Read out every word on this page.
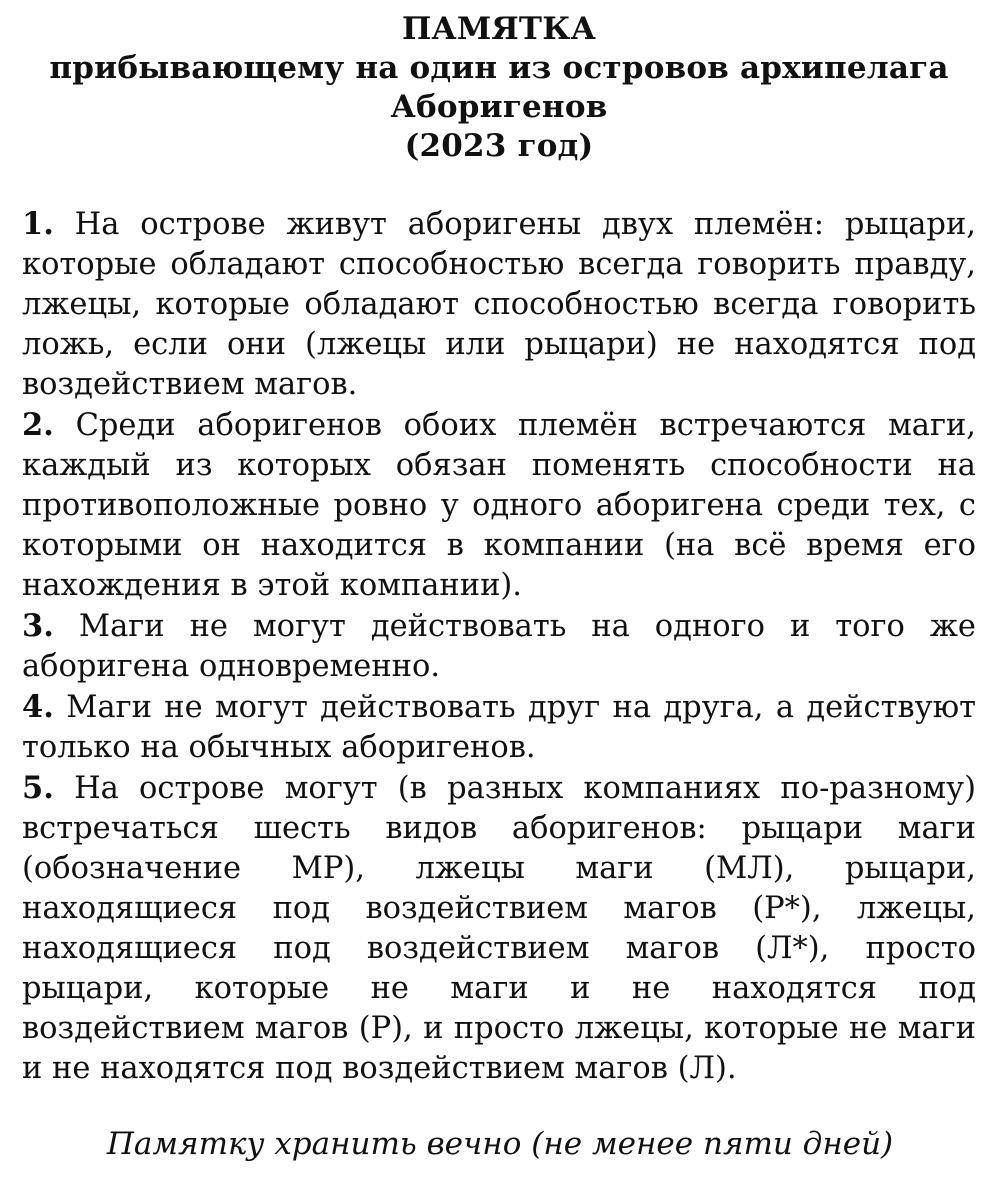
ПАМЯТКА
прибывающему на один из островов архипелага
Аборигенов
(2023 год)

1. На острове живут аборигены двух племён: рыцари, которые обладают способностью всегда говорить правду, лжецы, которые обладают способностью всегда говорить ложь, если они (лжецы или рыцари) не находятся под воздействием магов.

2. Среди аборигенов обоих племён встречаются маги, каждый из которых обязан поменять способности на противоположные ровно у одного аборигена среди тех, с которыми он находится в компании (на всё время его нахождения в этой компании).

3. Маги не могут действовать на одного и того же аборигена одновременно.

4. Маги не могут действовать друг на друга, а действуют только на обычных аборигенов.

5. На острове могут (в разных компаниях по-разному) встречаться шесть видов аборигенов: рыцари маги (обозначение МР), лжецы маги (МЛ), рыцари, находящиеся под воздействием магов (Р*), лжецы, находящиеся под воздействием магов (Л*), просто рыцари, которые не маги и не находятся под воздействием магов (Р), и просто лжецы, которые не маги и не находятся под воздействием магов (Л).

Памятку хранить вечно (не менее пяти дней)
